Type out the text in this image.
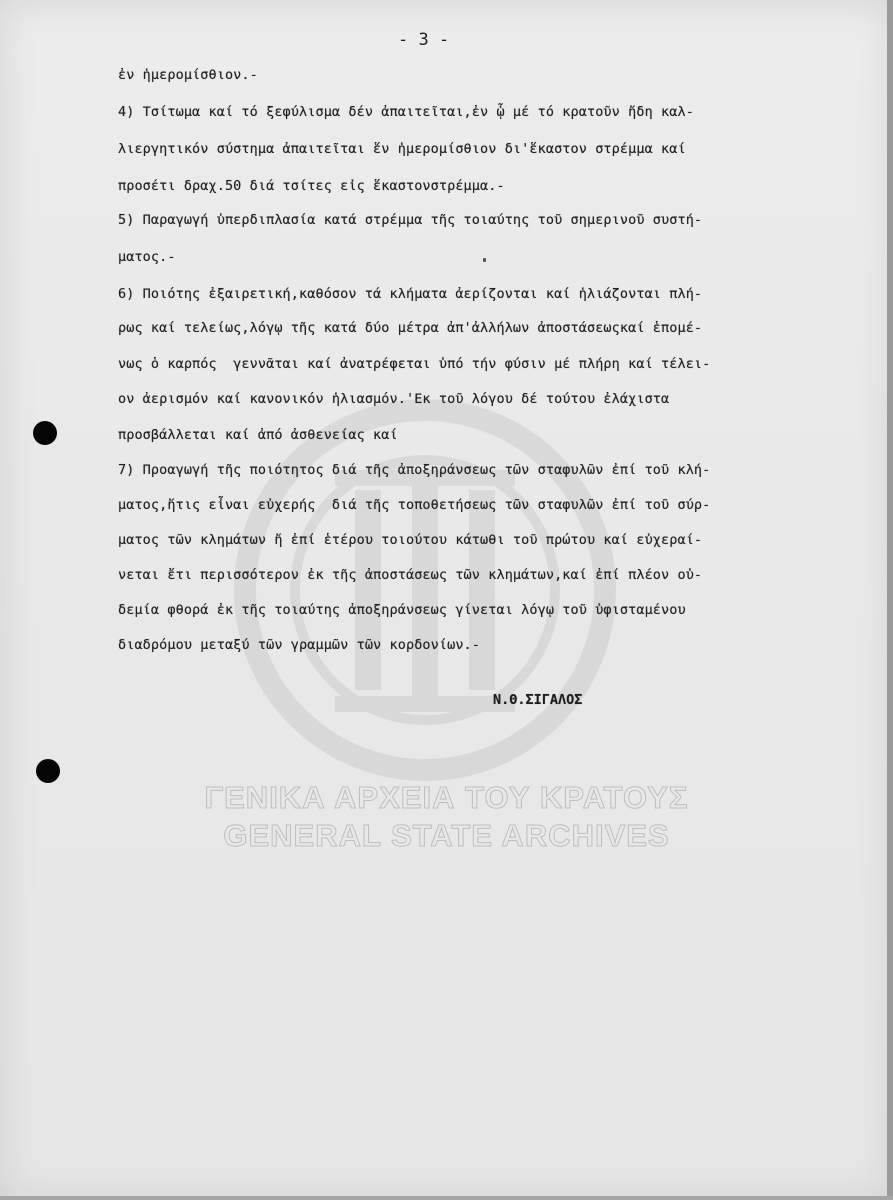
ΓΕΝΙΚΑ ΑΡΧΕΙΑ ΤΟΥ ΚΡΑΤΟΥΣ
GENERAL STATE ARCHIVES
- 3 -
ἐν ἡμερομίσθιον.-
4) Τσίτωμα καί τό ξεφύλισμα δέν ἀπαιτεῖται,ἐν ᾧ μέ τό κρατοῦν ἤδη καλ-
λιεργητικόν σύστημα ἀπαιτεῖται ἕν ἡμερομίσθιον δι'ἕκαστον στρέμμα καί
προσέτι δραχ.50 διά τσίτες εἰς ἕκαστονστρέμμα.-
5) Παραγωγή ὑπερδιπλασία κατά στρέμμα τῆς τοιαύτης τοῦ σημερινοῦ συστή-
ματος.-
6) Ποιότης ἐξαιρετική,καθόσον τά κλήματα ἀερίζονται καί ἡλιάζονται πλή-
ρως καί τελείως,λόγῳ τῆς κατά δύο μέτρα ἀπ'ἀλλήλων ἀποστάσεωςκαί ἑπομέ-
νως ὁ καρπός  γεννᾶται καί ἀνατρέφεται ὑπό τήν φύσιν μέ πλήρη καί τέλει-
ον ἀερισμόν καί κανονικόν ἡλιασμόν.'Εκ τοῦ λόγου δέ τούτου ἐλάχιστα
προσβάλλεται καί ἀπό ἀσθενείας καί
7) Προαγωγή τῆς ποιότητος διά τῆς ἀποξηράνσεως τῶν σταφυλῶν ἐπί τοῦ κλή-
ματος,ἥτις εἶναι εὐχερής  διά τῆς τοποθετήσεως τῶν σταφυλῶν ἐπί τοῦ σύρ-
ματος τῶν κλημάτων ἤ ἐπί ἑτέρου τοιούτου κάτωθι τοῦ πρώτου καί εὐχεραί-
νεται ἔτι περισσότερον ἐκ τῆς ἀποστάσεως τῶν κλημάτων,καί ἐπί πλέον οὐ-
δεμία φθορά ἐκ τῆς τοιαύτης ἀποξηράνσεως γίνεται λόγῳ τοῦ ὑφισταμένου
διαδρόμου μεταξύ τῶν γραμμῶν τῶν κορδονίων.-
Ν.Θ.ΣΙΓΑΛΟΣ
